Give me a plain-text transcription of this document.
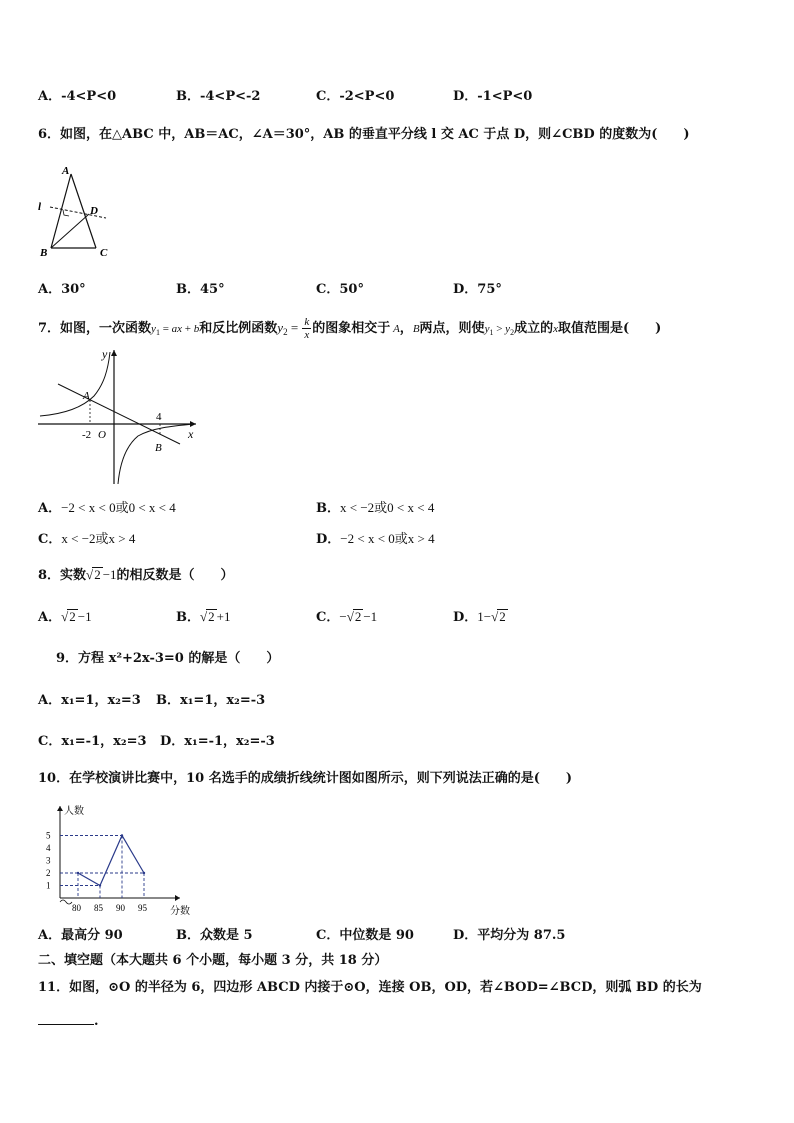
A．-4<P<0	B．-4<P<-2	C．-2<P<0	D．-1<P<0
6．如图，在△ABC 中，AB＝AC，∠A＝30°，AB 的垂直平分线 l 交 AC 于点 D，则∠CBD 的度数为(　　)
A
l	D
B	C
A．30°	B．45°	C．50°	D．75°
7．如图，一次函数$y_1$ = ax + b和反比例函数$y_2 = \frac{k}{x}$ 的图象相交于 A，B两点，则使$y_1 > y_2$成立的x取值范围是(　　)
y
x
A
B
-2 O
4
A．−2 < x < 0或0 < x < 4	B．x < −2或0 < x < 4
C．x < −2或x > 4	D．−2 < x < 0或x > 4
8．实数√2 −1的相反数是（　　）
A．√2 −1	B．√2 +1	C．−√2 −1	D．1−√2
9．方程 x²+2x-3=0 的解是（　　）
A．x₁=1，x₂=3 B．x₁=1，x₂=-3
C．x₁=-1，x₂=3 D．x₁=-1，x₂=-3
10．在学校演讲比赛中，10 名选手的成绩折线统计图如图所示，则下列说法正确的是(　　)
人数
分数
1
2
3
4
5
80 85 90 95
A．最高分 90	B．众数是 5	C．中位数是 90	D．平均分为 87.5
二、填空题（本大题共 6 个小题，每小题 3 分，共 18 分）
11．如图，⊙O 的半径为 6，四边形 ABCD 内接于⊙O，连接 OB，OD，若∠BOD=∠BCD，则弧 BD 的长为
.
